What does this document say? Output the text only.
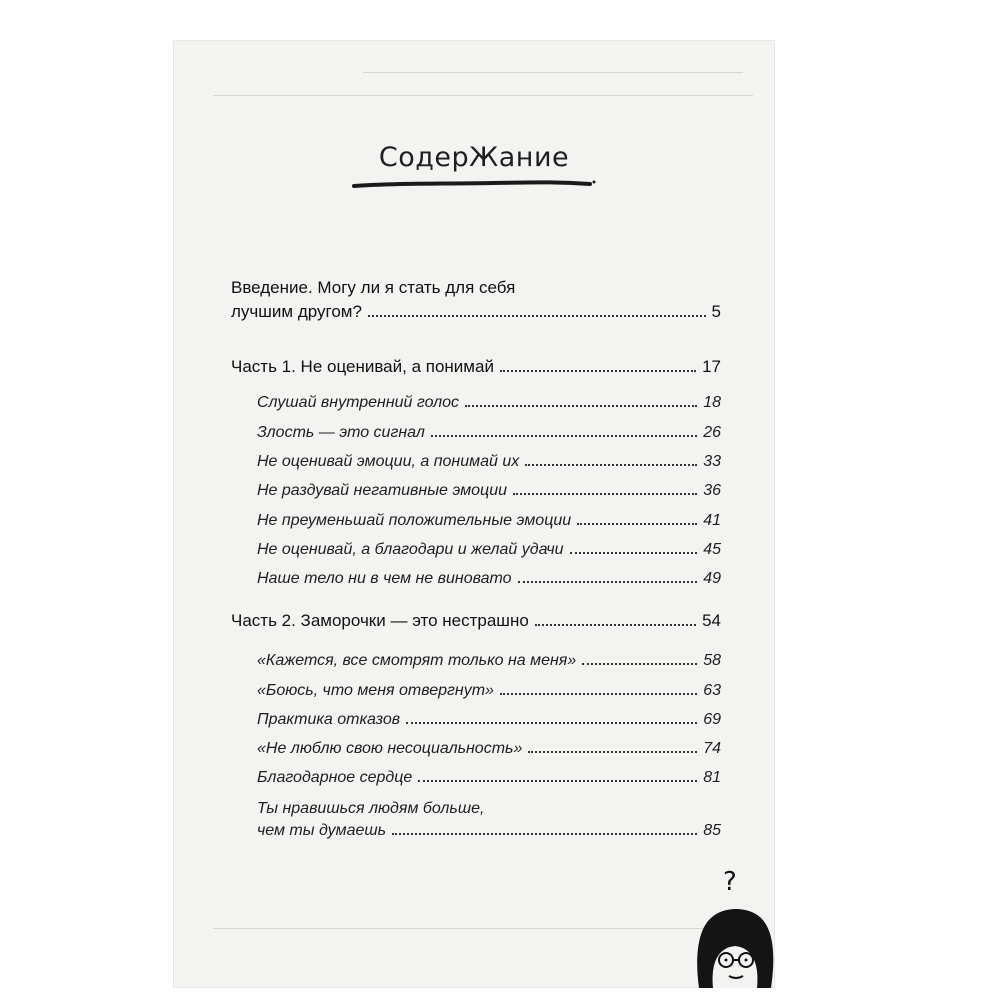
СодерЖание
Введение. Могу ли я стать для себя
лучшим другом?	5
Часть 1. Не оценивай, а понимай	17
Слушай внутренний голос	18
Злость — это сигнал	26
Не оценивай эмоции, а понимай их	33
Не раздувай негативные эмоции	36
Не преуменьшай положительные эмоции	41
Не оценивай, а благодари и желай удачи	45
Наше тело ни в чем не виновато	49
Часть 2. Заморочки — это нестрашно	54
«Кажется, все смотрят только на меня»	58
«Боюсь, что меня отвергнут»	63
Практика отказов	69
«Не люблю свою несоциальность»	74
Благодарное сердце	81
Ты нравишься людям больше,
чем ты думаешь	85
?
